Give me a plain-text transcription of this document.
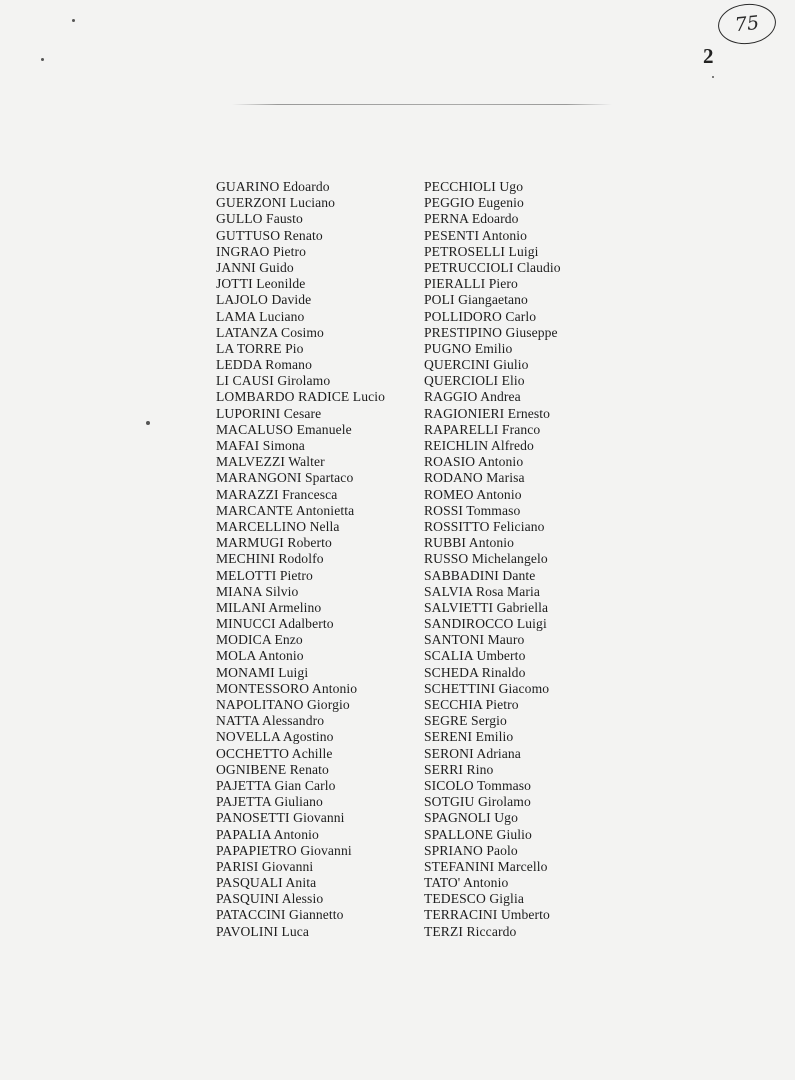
75
2
GUARINO Edoardo
GUERZONI Luciano
GULLO Fausto
GUTTUSO Renato
INGRAO Pietro
JANNI Guido
JOTTI Leonilde
LAJOLO Davide
LAMA Luciano
LATANZA Cosimo
LA TORRE Pio
LEDDA Romano
LI CAUSI Girolamo
LOMBARDO RADICE Lucio
LUPORINI Cesare
MACALUSO Emanuele
MAFAI Simona
MALVEZZI Walter
MARANGONI Spartaco
MARAZZI Francesca
MARCANTE Antonietta
MARCELLINO Nella
MARMUGI Roberto
MECHINI Rodolfo
MELOTTI Pietro
MIANA Silvio
MILANI Armelino
MINUCCI Adalberto
MODICA Enzo
MOLA Antonio
MONAMI Luigi
MONTESSORO Antonio
NAPOLITANO Giorgio
NATTA Alessandro
NOVELLA Agostino
OCCHETTO Achille
OGNIBENE Renato
PAJETTA Gian Carlo
PAJETTA Giuliano
PANOSETTI Giovanni
PAPALIA Antonio
PAPAPIETRO Giovanni
PARISI Giovanni
PASQUALI Anita
PASQUINI Alessio
PATACCINI Giannetto
PAVOLINI Luca
PECCHIOLI Ugo
PEGGIO Eugenio
PERNA Edoardo
PESENTI Antonio
PETROSELLI Luigi
PETRUCCIOLI Claudio
PIERALLI Piero
POLI Giangaetano
POLLIDORO Carlo
PRESTIPINO Giuseppe
PUGNO Emilio
QUERCINI Giulio
QUERCIOLI Elio
RAGGIO Andrea
RAGIONIERI Ernesto
RAPARELLI Franco
REICHLIN Alfredo
ROASIO Antonio
RODANO Marisa
ROMEO Antonio
ROSSI Tommaso
ROSSITTO Feliciano
RUBBI Antonio
RUSSO Michelangelo
SABBADINI Dante
SALVIA Rosa Maria
SALVIETTI Gabriella
SANDIROCCO Luigi
SANTONI Mauro
SCALIA Umberto
SCHEDA Rinaldo
SCHETTINI Giacomo
SECCHIA Pietro
SEGRE Sergio
SERENI Emilio
SERONI Adriana
SERRI Rino
SICOLO Tommaso
SOTGIU Girolamo
SPAGNOLI Ugo
SPALLONE Giulio
SPRIANO Paolo
STEFANINI Marcello
TATO' Antonio
TEDESCO Giglia
TERRACINI Umberto
TERZI Riccardo
